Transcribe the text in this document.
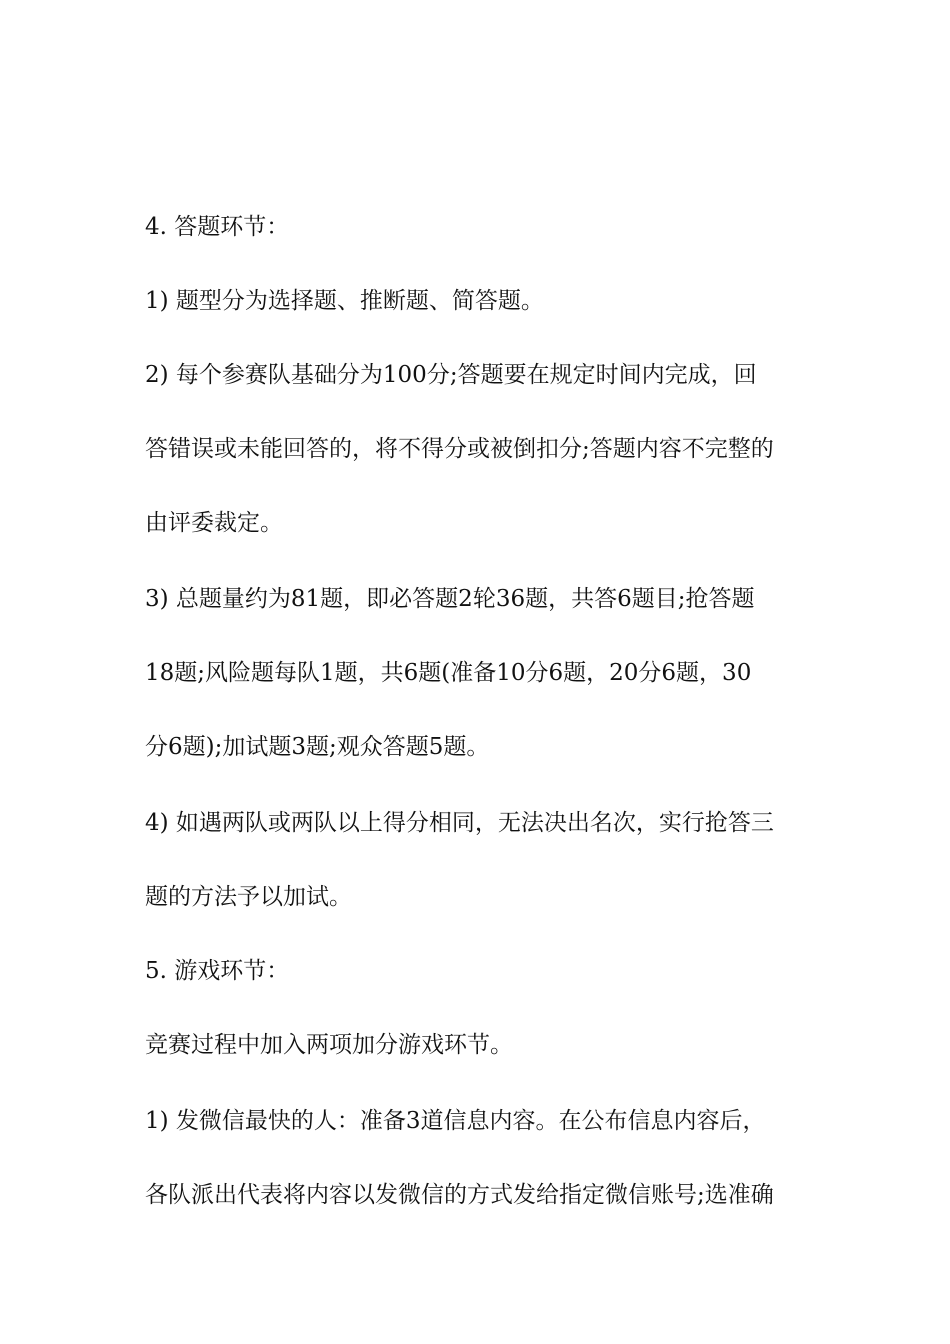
4. 答题环节：

1) 题型分为选择题、推断题、简答题。

2) 每个参赛队基础分为100分;答题要在规定时间内完成，回

答错误或未能回答的，将不得分或被倒扣分;答题内容不完整的

由评委裁定。

3) 总题量约为81题，即必答题2轮36题，共答6题目;抢答题

18题;风险题每队1题，共6题(准备10分6题，20分6题，30

分6题);加试题3题;观众答题5题。

4) 如遇两队或两队以上得分相同，无法决出名次，实行抢答三

题的方法予以加试。

5. 游戏环节：

竞赛过程中加入两项加分游戏环节。

1) 发微信最快的人：准备3道信息内容。在公布信息内容后，

各队派出代表将内容以发微信的方式发给指定微信账号;选准确
